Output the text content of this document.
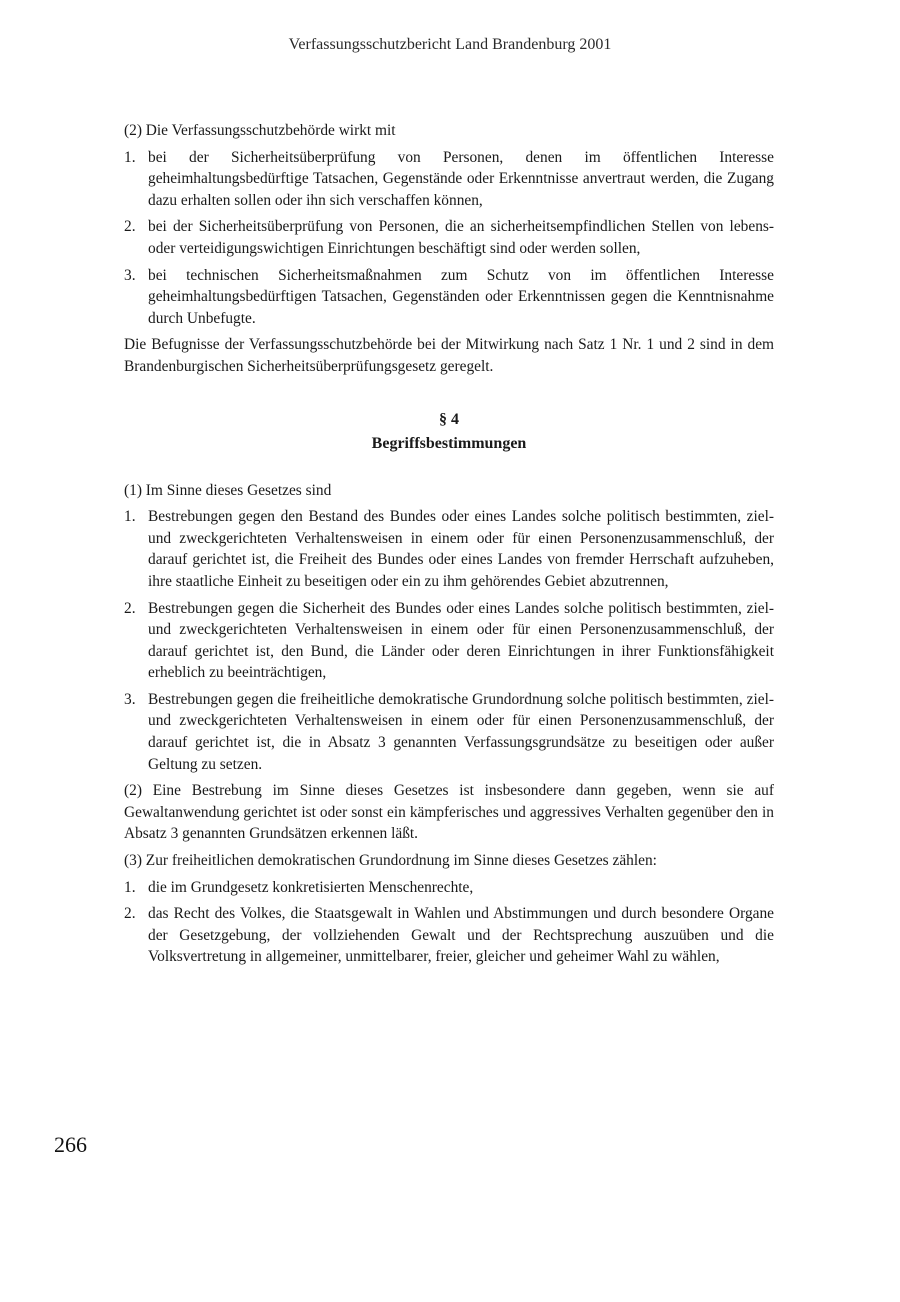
Verfassungsschutzbericht Land Brandenburg 2001

(2) Die Verfassungsschutzbehörde wirkt mit

1. bei der Sicherheitsüberprüfung von Personen, denen im öffentlichen Interesse geheimhaltungsbedürftige Tatsachen, Gegenstände oder Erkenntnisse anvertraut werden, die Zugang dazu erhalten sollen oder ihn sich verschaffen können,
2. bei der Sicherheitsüberprüfung von Personen, die an sicherheitsempfindlichen Stellen von lebens- oder verteidigungswichtigen Einrichtungen beschäftigt sind oder werden sollen,
3. bei technischen Sicherheitsmaßnahmen zum Schutz von im öffentlichen Interesse geheimhaltungsbedürftigen Tatsachen, Gegenständen oder Erkenntnissen gegen die Kenntnisnahme durch Unbefugte.

Die Befugnisse der Verfassungsschutzbehörde bei der Mitwirkung nach Satz 1 Nr. 1 und 2 sind in dem Brandenburgischen Sicherheitsüberprüfungsgesetz geregelt.

§ 4
Begriffsbestimmungen

(1) Im Sinne dieses Gesetzes sind

1. Bestrebungen gegen den Bestand des Bundes oder eines Landes solche politisch bestimmten, ziel- und zweckgerichteten Verhaltensweisen in einem oder für einen Personenzusammenschluß, der darauf gerichtet ist, die Freiheit des Bundes oder eines Landes von fremder Herrschaft aufzuheben, ihre staatliche Einheit zu beseitigen oder ein zu ihm gehörendes Gebiet abzutrennen,
2. Bestrebungen gegen die Sicherheit des Bundes oder eines Landes solche politisch bestimmten, ziel- und zweckgerichteten Verhaltensweisen in einem oder für einen Personenzusammenschluß, der darauf gerichtet ist, den Bund, die Länder oder deren Einrichtungen in ihrer Funktionsfähigkeit erheblich zu beeinträchtigen,
3. Bestrebungen gegen die freiheitliche demokratische Grundordnung solche politisch bestimmten, ziel- und zweckgerichteten Verhaltensweisen in einem oder für einen Personenzusammenschluß, der darauf gerichtet ist, die in Absatz 3 genannten Verfassungsgrundsätze zu beseitigen oder außer Geltung zu setzen.

(2) Eine Bestrebung im Sinne dieses Gesetzes ist insbesondere dann gegeben, wenn sie auf Gewaltanwendung gerichtet ist oder sonst ein kämpferisches und aggressives Verhalten gegenüber den in Absatz 3 genannten Grundsätzen erkennen läßt.

(3) Zur freiheitlichen demokratischen Grundordnung im Sinne dieses Gesetzes zählen:

1. die im Grundgesetz konkretisierten Menschenrechte,
2. das Recht des Volkes, die Staatsgewalt in Wahlen und Abstimmungen und durch besondere Organe der Gesetzgebung, der vollziehenden Gewalt und der Rechtsprechung auszuüben und die Volksvertretung in allgemeiner, unmittelbarer, freier, gleicher und geheimer Wahl zu wählen,
266
